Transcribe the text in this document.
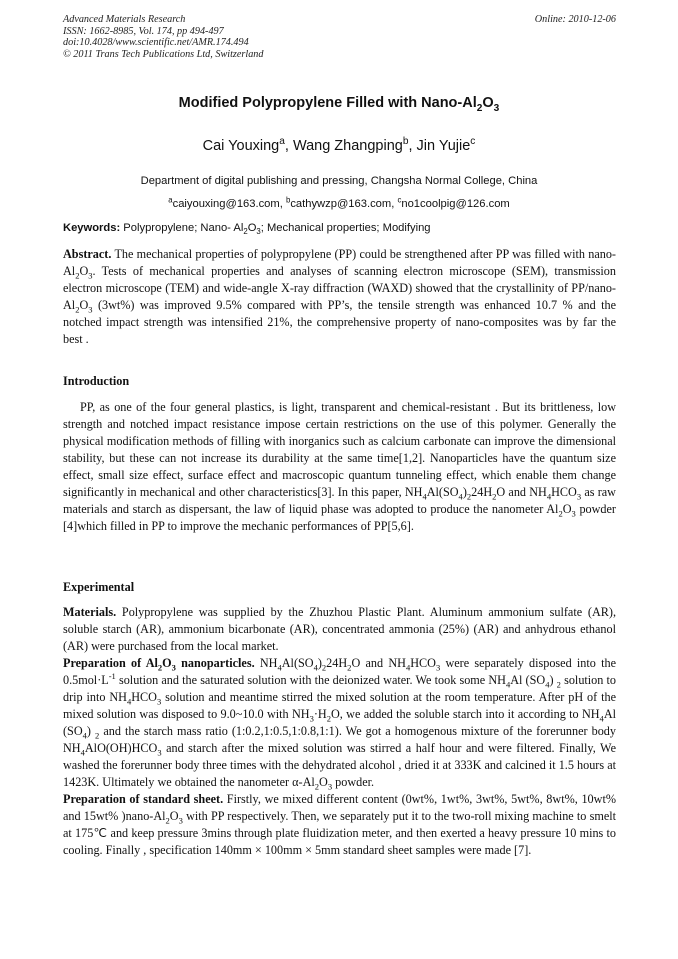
Advanced Materials Research
ISSN: 1662-8985, Vol. 174, pp 494-497
doi:10.4028/www.scientific.net/AMR.174.494
© 2011 Trans Tech Publications Ltd, Switzerland
Online: 2010-12-06
Modified Polypropylene Filled with Nano-$Al_2O_3$
Cai Youxing$^a$, Wang Zhangping$^b$, Jin Yujie$^c$
Department of digital publishing and pressing, Changsha Normal College, China
$^a$caiyouxing@163.com, $^b$cathywzp@163.com, $^c$no1coolpig@126.com
Keywords: Polypropylene; Nano- $Al_2O_3$; Mechanical properties; Modifying

Abstract. The mechanical properties of polypropylene (PP) could be strengthened after PP was filled with nano- $Al_2O_3$. Tests of mechanical properties and analyses of scanning electron microscope (SEM), transmission electron microscope (TEM) and wide-angle X-ray diffraction (WAXD) showed that the crystallinity of PP/nano- $Al_2O_3$ (3wt%) was improved 9.5% compared with PP’s, the tensile strength was enhanced 10.7 % and the notched impact strength was intensified 21%, the comprehensive property of nano-composites was by far the best .

Introduction

PP, as one of the four general plastics, is light, transparent and chemical-resistant . But its brittleness, low strength and notched impact resistance impose certain restrictions on the use of this polymer. Generally the physical modification methods of filling with inorganics such as calcium carbonate can improve the dimensional stability, but these can not increase its durability at the same time[1,2]. Nanoparticles have the quantum size effect, small size effect, surface effect and macroscopic quantum tunneling effect, which enable them change significantly in mechanical and other characteristics[3]. In this paper, $NH_4Al(SO_4)_224H_2O$ and $NH_4HCO_3$ as raw materials and starch as dispersant, the law of liquid phase was adopted to produce the nanometer $Al_2O_3$ powder [4]which filled in PP to improve the mechanic performances of PP[5,6].

Experimental

Materials. Polypropylene was supplied by the Zhuzhou Plastic Plant. Aluminum ammonium sulfate (AR), soluble starch (AR), ammonium bicarbonate (AR), concentrated ammonia (25%) (AR) and anhydrous ethanol (AR) were purchased from the local market.

Preparation of $Al_2O_3$ nanoparticles. $NH_4Al(SO_4)_224H_2O$ and $NH_4HCO_3$ were separately disposed into the $0.5mol\cdot L^{-1}$ solution and the saturated solution with the deionized water. We took some $NH_4Al$ $(SO_4)$ $_2$ solution to drip into $NH_4HCO_3$ solution and meantime stirred the mixed solution at the room temperature. After pH of the mixed solution was disposed to 9.0~10.0 with $NH_3\cdot H_2O$, we added the soluble starch into it according to $NH_4Al$ $(SO_4)$ $_2$ and the starch mass ratio (1:0.2,1:0.5,1:0.8,1:1). We got a homogenous mixture of the forerunner body $NH_4AlO(OH)HCO_3$ and starch after the mixed solution was stirred a half hour and were filtered. Finally, We washed the forerunner body three times with the dehydrated alcohol , dried it at 333K and calcined it 1.5 hours at 1423K. Ultimately we obtained the nanometer $\alpha-Al_2O_3$ powder.

Preparation of standard sheet. Firstly, we mixed different content (0wt%, 1wt%, 3wt%, 5wt%, 8wt%, 10wt% and 15wt% )$nano-Al_2O_3$ with PP respectively. Then, we separately put it to the two-roll mixing machine to smelt at 175℃ and keep pressure 3mins through plate fluidization meter, and then exerted a heavy pressure 10 mins to cooling. Finally , specification 140mm × 100mm × 5mm standard sheet samples were made [7].
